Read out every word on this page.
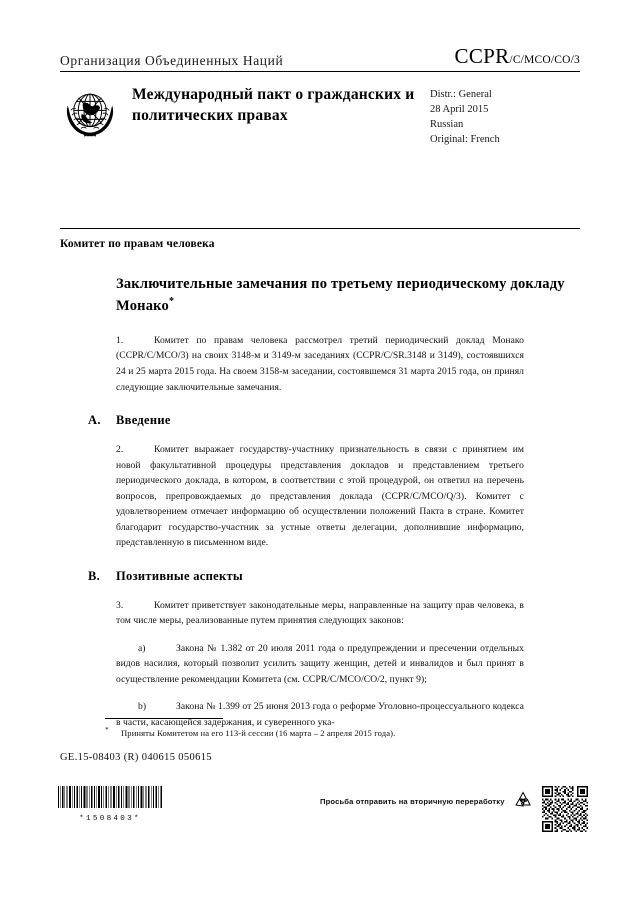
Организация Объединенных Наций	CCPR/C/MCO/CO/3
Международный пакт о гражданских и политических правах
Distr.: General
28 April 2015
Russian
Original: French
Комитет по правам человека
Заключительные замечания по третьему периодическому докладу Монако*
1.	Комитет по правам человека рассмотрел третий периодический доклад Монако (CCPR/C/MCO/3) на своих 3148-м и 3149-м заседаниях (CCPR/C/SR.3148 и 3149), состоявшихся 24 и 25 марта 2015 года. На своем 3158-м заседании, состоявшемся 31 марта 2015 года, он принял следующие заключительные замечания.
A.	Введение
2.	Комитет выражает государству-участнику признательность в связи с принятием им новой факультативной процедуры представления докладов и представлением третьего периодического доклада, в котором, в соответствии с этой процедурой, он ответил на перечень вопросов, препровождаемых до представления доклада (CCPR/C/MCO/Q/3). Комитет с удовлетворением отмечает информацию об осуществлении положений Пакта в стране. Комитет благодарит государство-участник за устные ответы делегации, дополнившие информацию, представленную в письменном виде.
B.	Позитивные аспекты
3.	Комитет приветствует законодательные меры, направленные на защиту прав человека, в том числе меры, реализованные путем принятия следующих законов:
a)	Закона № 1.382 от 20 июля 2011 года о предупреждении и пресечении отдельных видов насилия, который позволит усилить защиту женщин, детей и инвалидов и был принят в осуществление рекомендации Комитета (см. CCPR/C/MCO/CO/2, пункт 9);
b)	Закона № 1.399 от 25 июня 2013 года о реформе Уголовно-процессуального кодекса в части, касающейся задержания, и суверенного ука-
* Приняты Комитетом на его 113-й сессии (16 марта – 2 апреля 2015 года).
GE.15-08403 (R) 040615 050615
*1508403*
Просьба отправить на вторичную переработку
